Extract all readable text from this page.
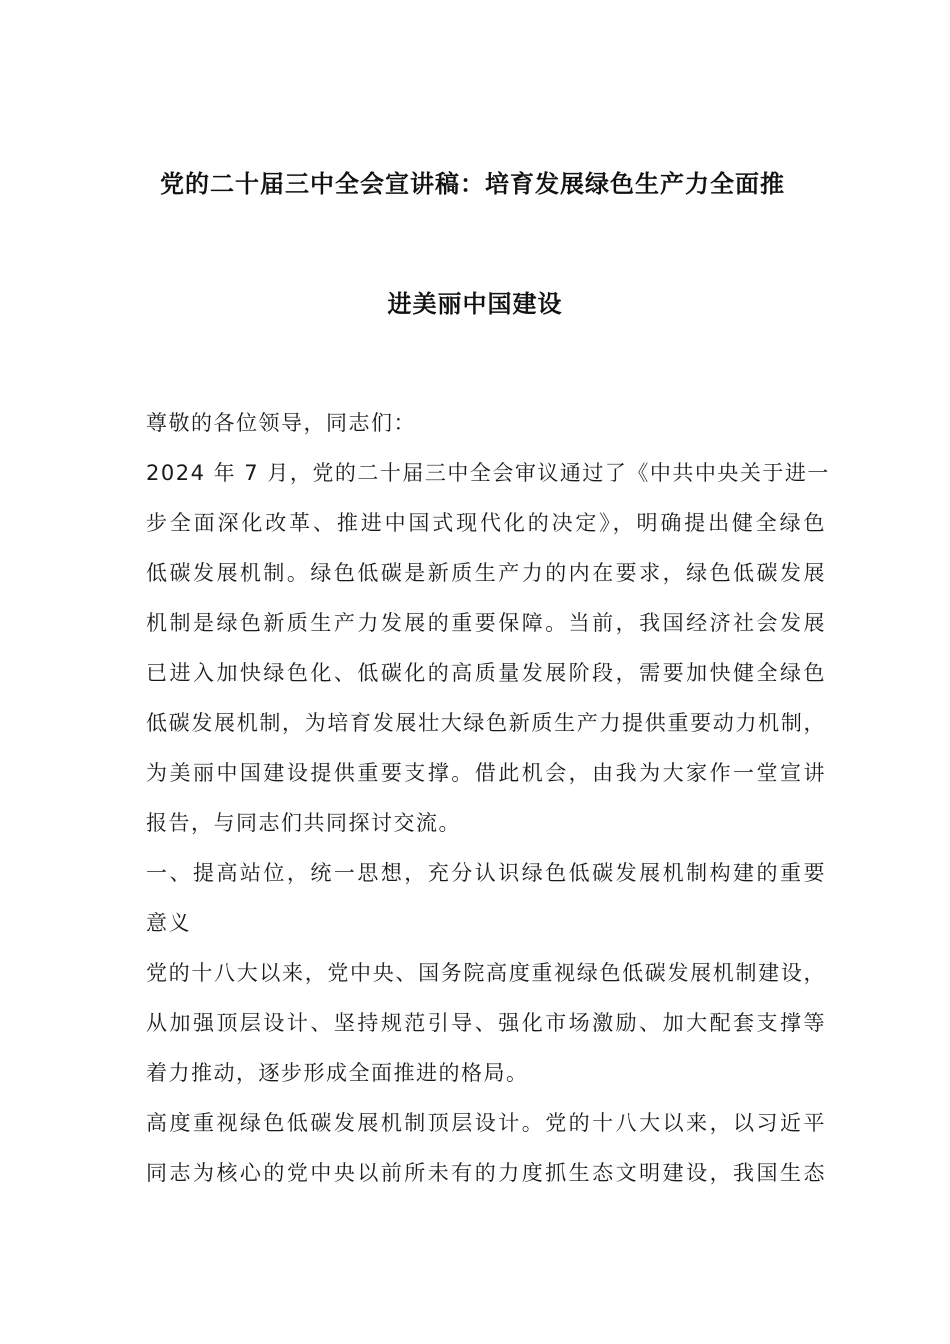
党的二十届三中全会宣讲稿：培育发展绿色生产力全面推
进美丽中国建设
尊敬的各位领导，同志们：
2024 年 7 月，党的二十届三中全会审议通过了《中共中央关于进一
步全面深化改革、推进中国式现代化的决定》，明确提出健全绿色
低碳发展机制。绿色低碳是新质生产力的内在要求，绿色低碳发展
机制是绿色新质生产力发展的重要保障。当前，我国经济社会发展
已进入加快绿色化、低碳化的高质量发展阶段，需要加快健全绿色
低碳发展机制，为培育发展壮大绿色新质生产力提供重要动力机制，
为美丽中国建设提供重要支撑。借此机会，由我为大家作一堂宣讲
报告，与同志们共同探讨交流。
一、提高站位，统一思想，充分认识绿色低碳发展机制构建的重要
意义
党的十八大以来，党中央、国务院高度重视绿色低碳发展机制建设，
从加强顶层设计、坚持规范引导、强化市场激励、加大配套支撑等
着力推动，逐步形成全面推进的格局。
高度重视绿色低碳发展机制顶层设计。党的十八大以来，以习近平
同志为核心的党中央以前所未有的力度抓生态文明建设，我国生态
